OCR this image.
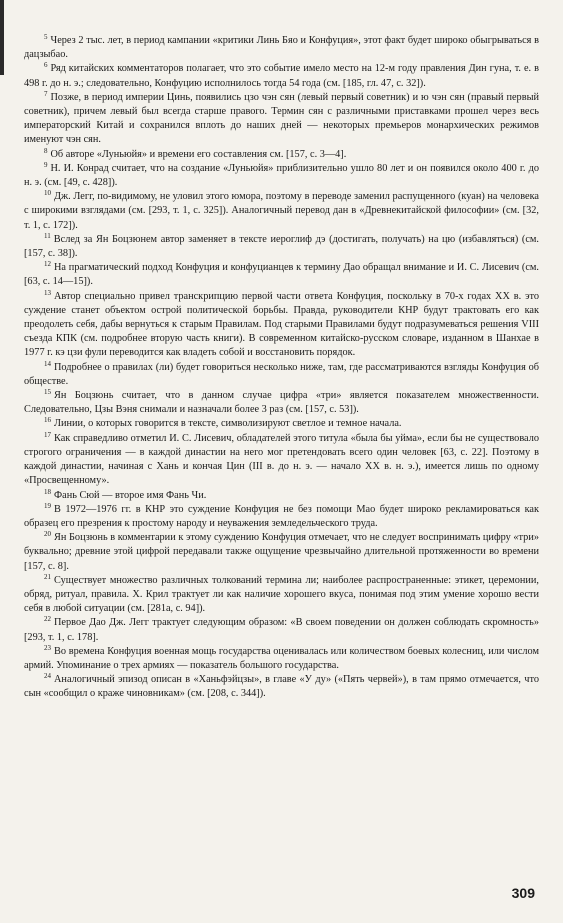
$^5$ Через 2 тыс. лет, в период кампании «критики Линь Бяо и Конфуция», этот факт будет широко обыгрываться в дацзыбао.

$^6$ Ряд китайских комментаторов полагает, что это событие имело место на 12-м году правления Дин гуна, т. е. в 498 г. до н. э.; следовательно, Конфуцию исполнилось тогда 54 года (см. [185, гл. 47, с. 32]).

$^7$ Позже, в период империи Цинь, появились цзо чэн сян (левый первый советник) и ю чэн сян (правый первый советник), причем левый был всегда старше правого. Термин сян с различными приставками прошел через весь императорский Китай и сохранился вплоть до наших дней — некоторых премьеров монархических режимов именуют чэн сян.

$^8$ Об авторе «Луньюйя» и времени его составления см. [157, с. 3—4].

$^9$ Н. И. Конрад считает, что на создание «Луньюйя» приблизительно ушло 80 лет и он появился около 400 г. до н. э. (см. [49, с. 428]).

$^{10}$ Дж. Легг, по-видимому, не уловил этого юмора, поэтому в переводе заменил распущенного (куан) на человека с широкими взглядами (см. [293, т. 1, с. 325]). Аналогичный перевод дан в «Древнекитайской философии» (см. [32, т. 1, с. 172]).

$^{11}$ Вслед за Ян Боцзюнем автор заменяет в тексте иероглиф дэ (достигать, получать) на цю (избавляться) (см. [157, с. 38]).

$^{12}$ На прагматический подход Конфуция и конфуцианцев к термину Дао обращал внимание и И. С. Лисевич (см. [63, с. 14—15]).

$^{13}$ Автор специально привел транскрипцию первой части ответа Конфуция, поскольку в 70-х годах XX в. это суждение станет объектом острой политической борьбы. Правда, руководители КНР будут трактовать его как преодолеть себя, дабы вернуться к старым Правилам. Под старыми Правилами будут подразумеваться решения VIII съезда КПК (см. подробнее вторую часть книги). В современном китайско-русском словаре, изданном в Шанхае в 1977 г. кэ цзи фули переводится как владеть собой и восстановить порядок.

$^{14}$ Подробнее о правилах (ли) будет говориться несколько ниже, там, где рассматриваются взгляды Конфуция об обществе.

$^{15}$ Ян Боцзюнь считает, что в данном случае цифра «три» является показателем множественности. Следовательно, Цзы Вэня снимали и назначали более 3 раз (см. [157, с. 53]).

$^{16}$ Линии, о которых говорится в тексте, символизируют светлое и темное начала.

$^{17}$ Как справедливо отметил И. С. Лисевич, обладателей этого титула «была бы уйма», если бы не существовало строгого ограничения — в каждой династии на него мог претендовать всего один человек [63, с. 22]. Поэтому в каждой династии, начиная с Хань и кончая Цин (III в. до н. э. — начало XX в. н. э.), имеется лишь по одному «Просвещенному».

$^{18}$ Фань Сюй — второе имя Фань Чи.

$^{19}$ В 1972—1976 гг. в КНР это суждение Конфуция не без помощи Мао будет широко рекламироваться как образец его презрения к простому народу и неуважения земледельческого труда.

$^{20}$ Ян Боцзюнь в комментарии к этому суждению Конфуция отмечает, что не следует воспринимать цифру «три» буквально; древние этой цифрой передавали также ощущение чрезвычайно длительной протяженности во времени [157, с. 8].

$^{21}$ Существует множество различных толкований термина ли; наиболее распространенные: этикет, церемонии, обряд, ритуал, правила. Х. Крил трактует ли как наличие хорошего вкуса, понимая под этим умение хорошо вести себя в любой ситуации (см. [281а, с. 94]).

$^{22}$ Первое Дао Дж. Легг трактует следующим образом: «В своем поведении он должен соблюдать скромность» [293, т. 1, с. 178].

$^{23}$ Во времена Конфуция военная мощь государства оценивалась или количеством боевых колесниц, или числом армий. Упоминание о трех армиях — показатель большого государства.

$^{24}$ Аналогичный эпизод описан в «Ханьфэйцзы», в главе «У ду» («Пять червей»), в там прямо отмечается, что сын «сообщил о краже чиновникам» (см. [208, с. 344]).

309
